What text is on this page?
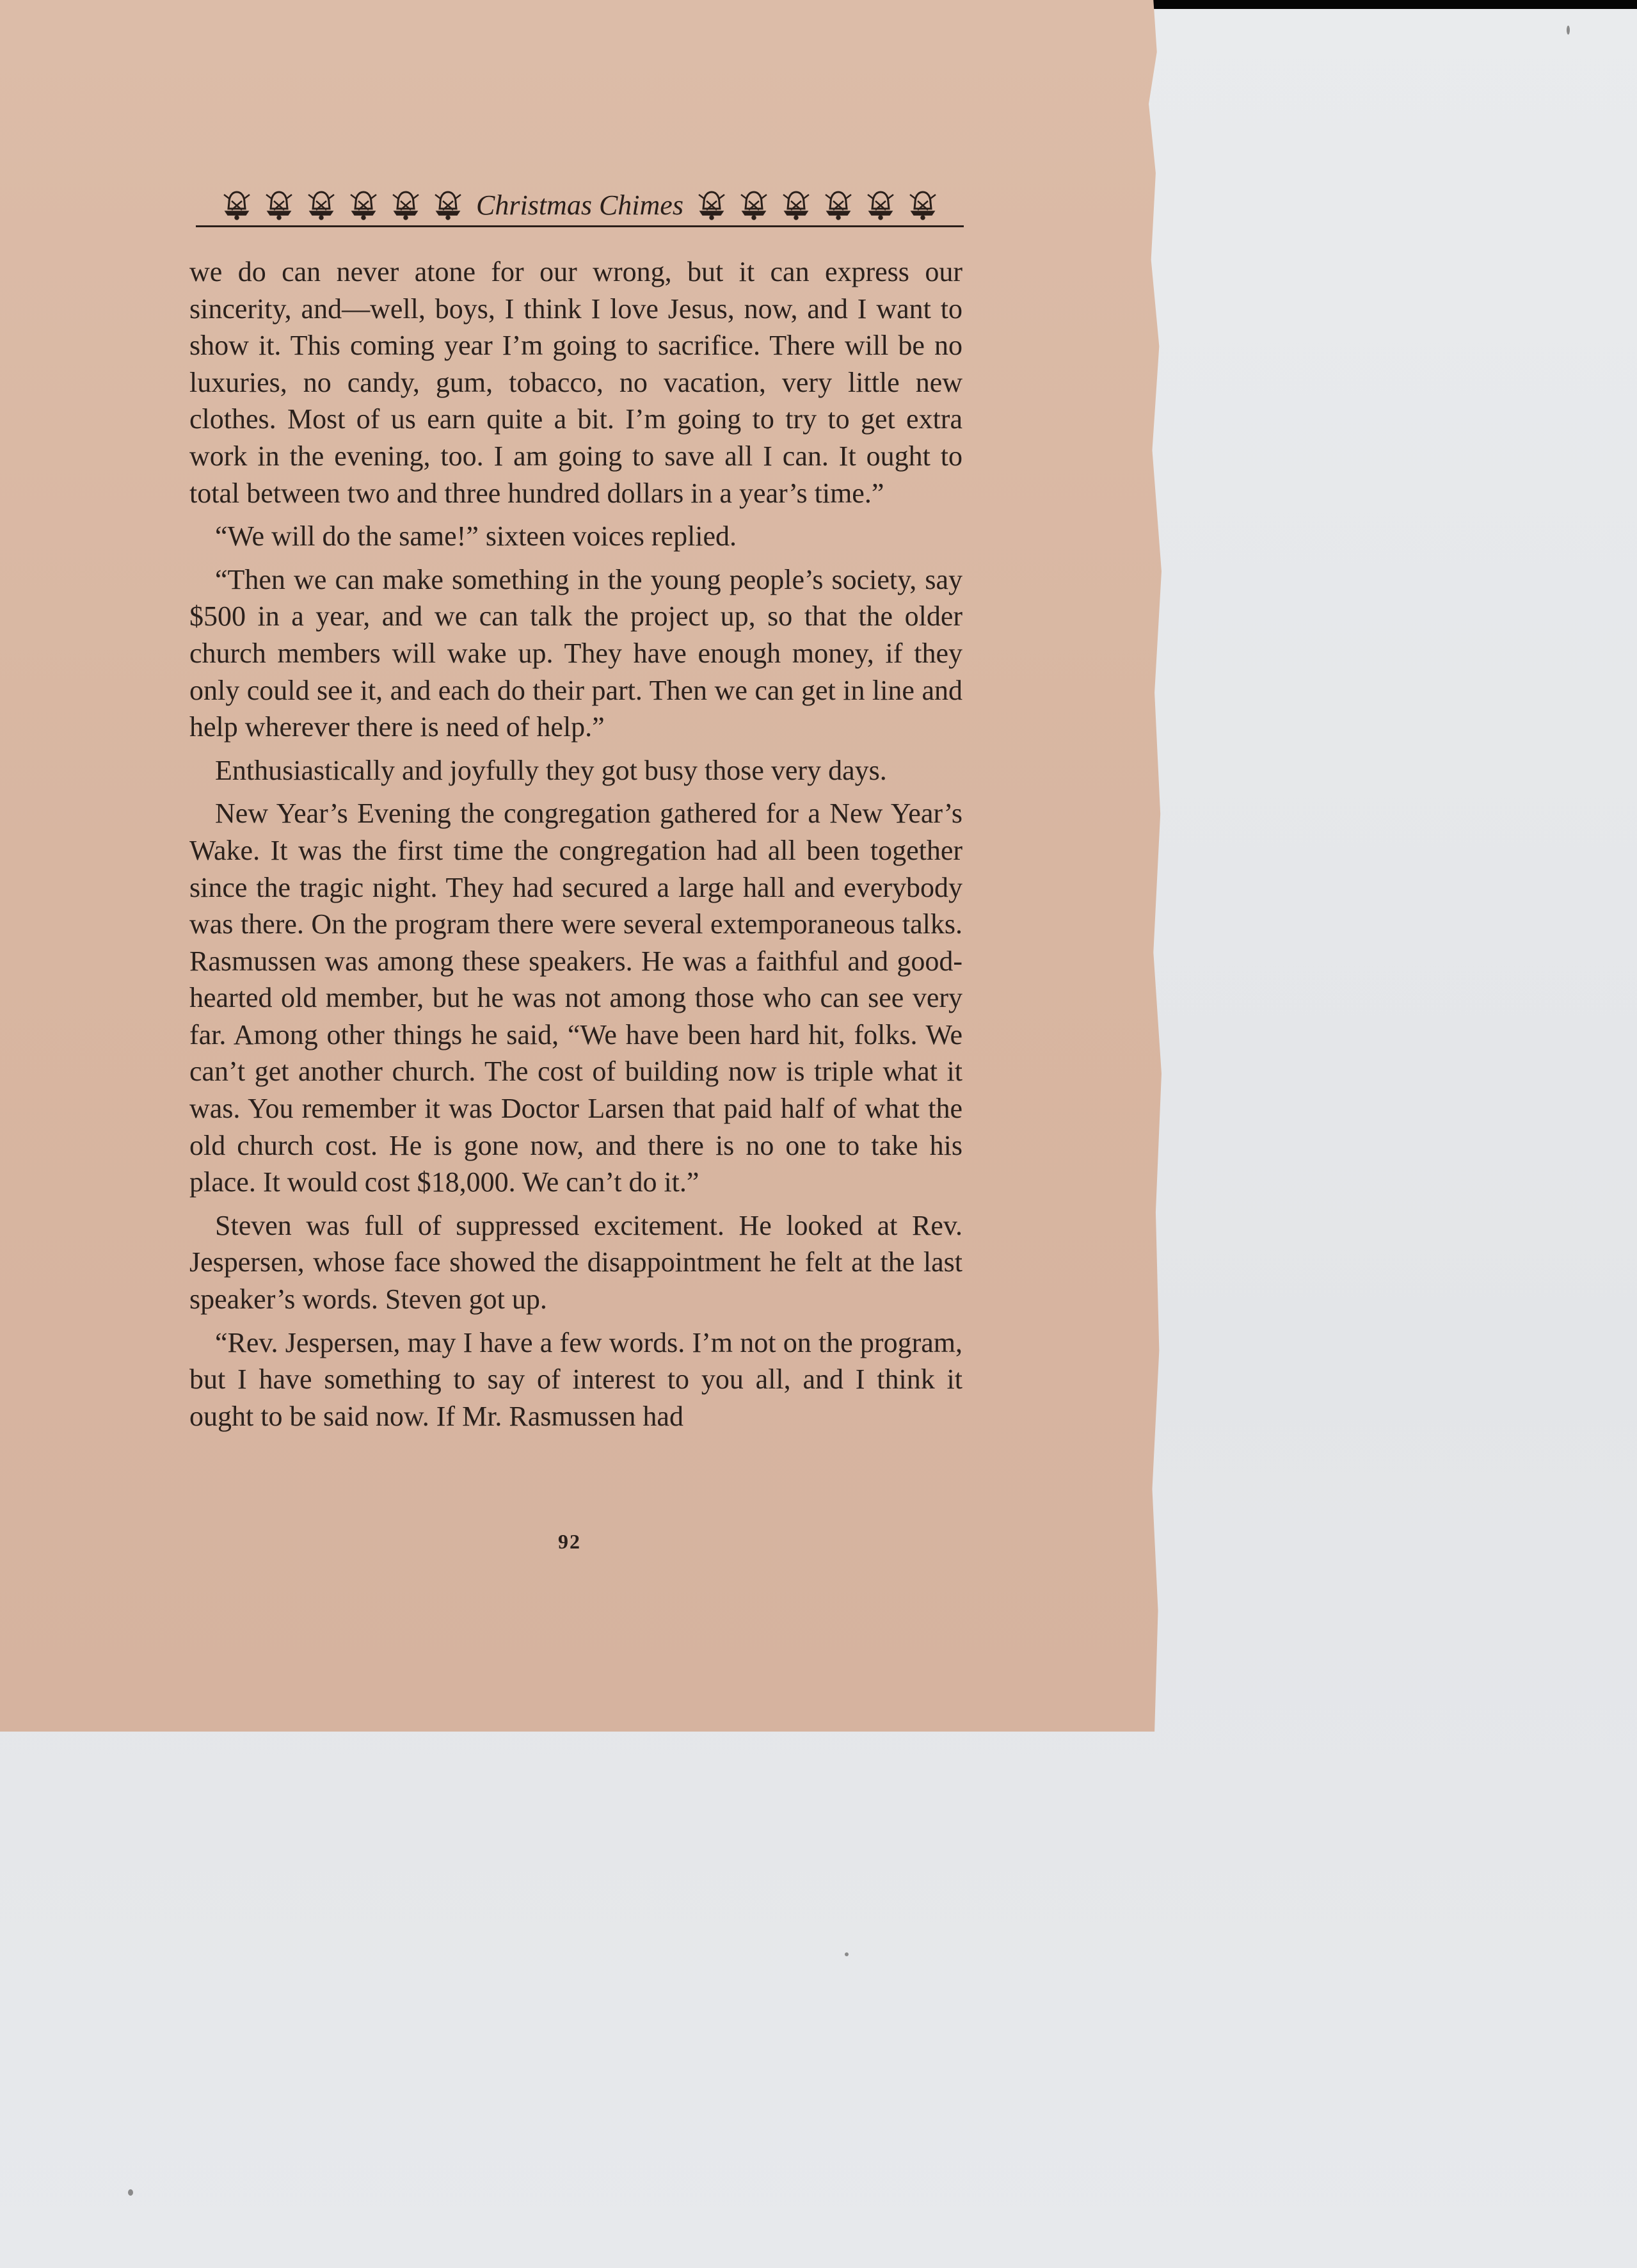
Christmas Chimes

we do can never atone for our wrong, but it can express our sincerity, and—well, boys, I think I love Jesus, now, and I want to show it. This coming year I’m going to sacrifice. There will be no luxuries, no candy, gum, tobacco, no vacation, very little new clothes. Most of us earn quite a bit. I’m going to try to get extra work in the evening, too. I am going to save all I can. It ought to total between two and three hundred dollars in a year’s time.”

“We will do the same!” sixteen voices replied.

“Then we can make something in the young people’s society, say $500 in a year, and we can talk the project up, so that the older church members will wake up. They have enough money, if they only could see it, and each do their part. Then we can get in line and help wherever there is need of help.”

Enthusiastically and joyfully they got busy those very days.

New Year’s Evening the congregation gathered for a New Year’s Wake. It was the first time the congregation had all been together since the tragic night. They had secured a large hall and everybody was there. On the program there were several extemporaneous talks. Rasmussen was among these speakers. He was a faithful and good-hearted old member, but he was not among those who can see very far. Among other things he said, “We have been hard hit, folks. We can’t get another church. The cost of building now is triple what it was. You remember it was Doctor Larsen that paid half of what the old church cost. He is gone now, and there is no one to take his place. It would cost $18,000. We can’t do it.”

Steven was full of suppressed excitement. He looked at Rev. Jespersen, whose face showed the disappointment he felt at the last speaker’s words. Steven got up.

“Rev. Jespersen, may I have a few words. I’m not on the program, but I have something to say of interest to you all, and I think it ought to be said now. If Mr. Rasmussen had

92
